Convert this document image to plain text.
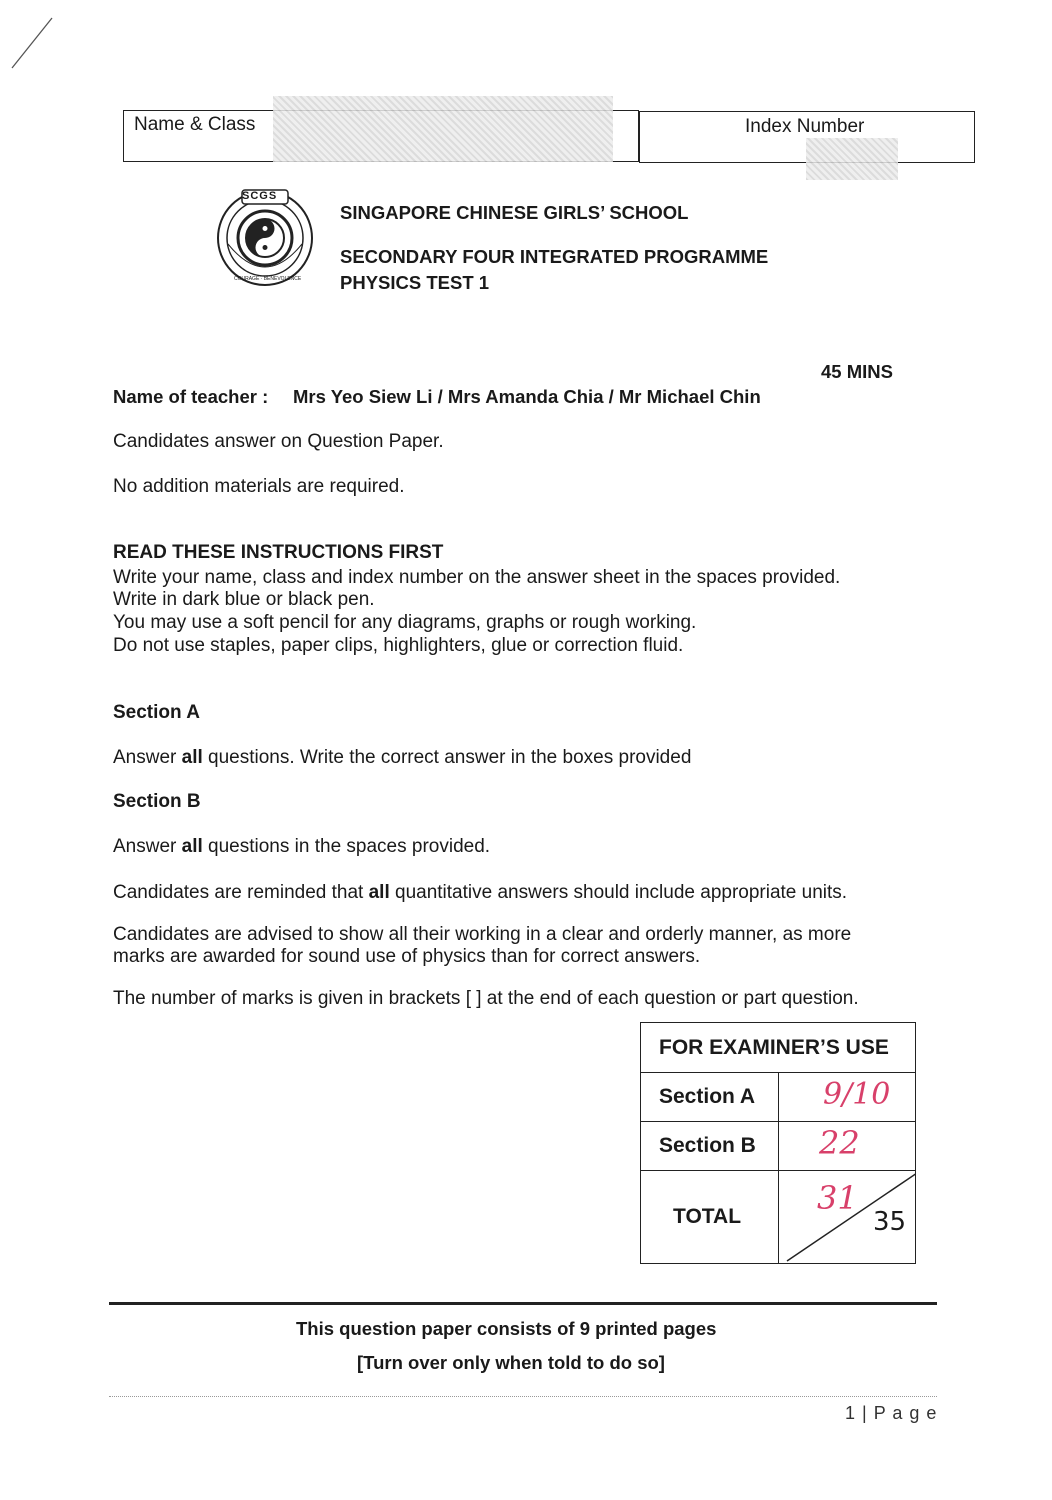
Name & Class	Index Number
SCGS
COURAGE · BENEVOLENCE
SINGAPORE CHINESE GIRLS’ SCHOOL
SECONDARY FOUR INTEGRATED PROGRAMME
PHYSICS TEST 1
45 MINS
Name of teacher : Mrs Yeo Siew Li / Mrs Amanda Chia / Mr Michael Chin
Candidates answer on Question Paper.
No addition materials are required.
READ THESE INSTRUCTIONS FIRST
Write your name, class and index number on the answer sheet in the spaces provided.
Write in dark blue or black pen.
You may use a soft pencil for any diagrams, graphs or rough working.
Do not use staples, paper clips, highlighters, glue or correction fluid.
Section A
Answer all questions. Write the correct answer in the boxes provided
Section B
Answer all questions in the spaces provided.
Candidates are reminded that all quantitative answers should include appropriate units.
Candidates are advised to show all their working in a clear and orderly manner, as more
marks are awarded for sound use of physics than for correct answers.
The number of marks is given in brackets [ ] at the end of each question or part question.
FOR EXAMINER’S USE
Section A 9/10
Section B 22
TOTAL 31
35
This question paper consists of 9 printed pages
[Turn over only when told to do so]
1 | P a g e
